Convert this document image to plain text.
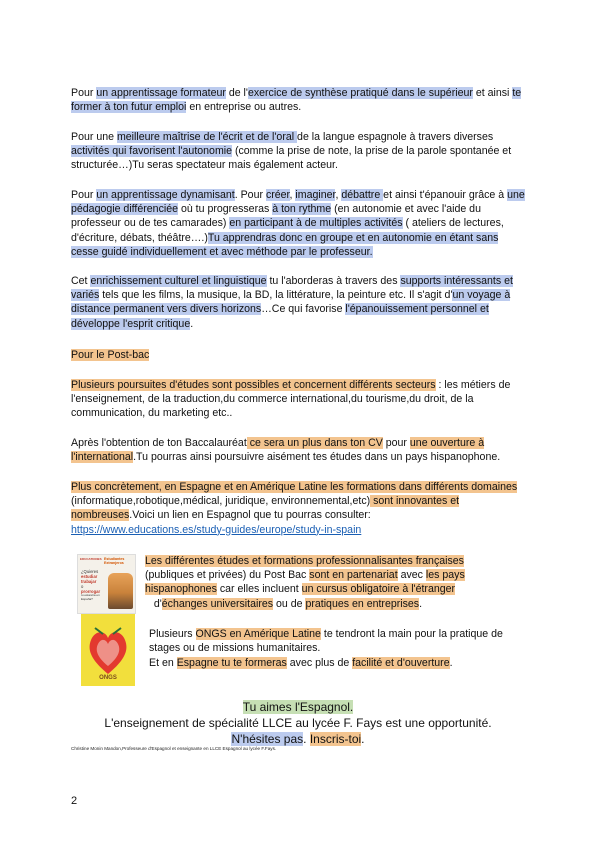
Pour un apprentissage formateur de l'exercice de synthèse pratiqué dans le supérieur et ainsi te former à ton futur emploi en entreprise ou autres.

Pour une meilleure maîtrise de l'écrit et de l'oral de la langue espagnole à travers diverses activités qui favorisent l'autonomie (comme la prise de note, la prise de la parole spontanée et structurée…)Tu seras spectateur mais également acteur.

Pour un apprentissage dynamisant. Pour créer, imaginer, débattre et ainsi t'épanouir grâce à une pédagogie différenciée où tu progresseras à ton rythme (en autonomie et avec l'aide du professeur ou de tes camarades) en participant à de multiples activités ( ateliers de lectures, d'écriture, débats, théâtre….)Tu apprendras donc en groupe et en autonomie en étant sans cesse guidé individuellement et avec méthode par le professeur.

Cet enrichissement culturel et linguistique tu l'aborderas à travers des supports intéressants et variés tels que les films, la musique, la BD, la littérature, la peinture etc. Il s'agit d'un voyage à distance permanent vers divers horizons…Ce qui favorise l'épanouissement personnel et développe l'esprit critique.

Pour le Post-bac

Plusieurs poursuites d'études sont possibles et concernent différents secteurs : les métiers de l'enseignement, de la traduction,du commerce international,du tourisme,du droit, de la communication, du marketing etc..

Après l'obtention de ton Baccalauréat ce sera un plus dans ton CV pour une ouverture à l'international.Tu pourras ainsi poursuivre aisément tes études dans un pays hispanophone.

Plus concrètement, en Espagne et en Amérique Latine les formations dans différents domaines (informatique,robotique,médical, juridique, environnemental,etc) sont innovantes et nombreuses.Voici un lien en Espagnol que tu pourras consulter:
https://www.educations.es/study-guides/europe/study-in-spain

EDUCATIONES Estudiantes Extranjeros
¿Quieres
estudiar
trabajar
o
prorrogar
tu estancia en España?
ONGS

Les différentes études et formations professionnalisantes françaises (publiques et privées) du Post Bac sont en partenariat avec les pays hispanophones car elles incluent un cursus obligatoire à l'étranger
d'échanges universitaires ou de pratiques en entreprises.

Plusieurs ONGS en Amérique Latine te tendront la main pour la pratique de stages ou de missions humanitaires.

Et en Espagne tu te formeras avec plus de facilité et d'ouverture.

Tu aimes l'Espagnol.
L'enseignement de spécialité LLCE au lycée F. Fays est une opportunité.
N'hésites pas. Inscris-toi.
Christine Monin Mandon,Professeure d'Espagnol et enseignante en LLCE Espagnol au lycée F.Fays.
2
